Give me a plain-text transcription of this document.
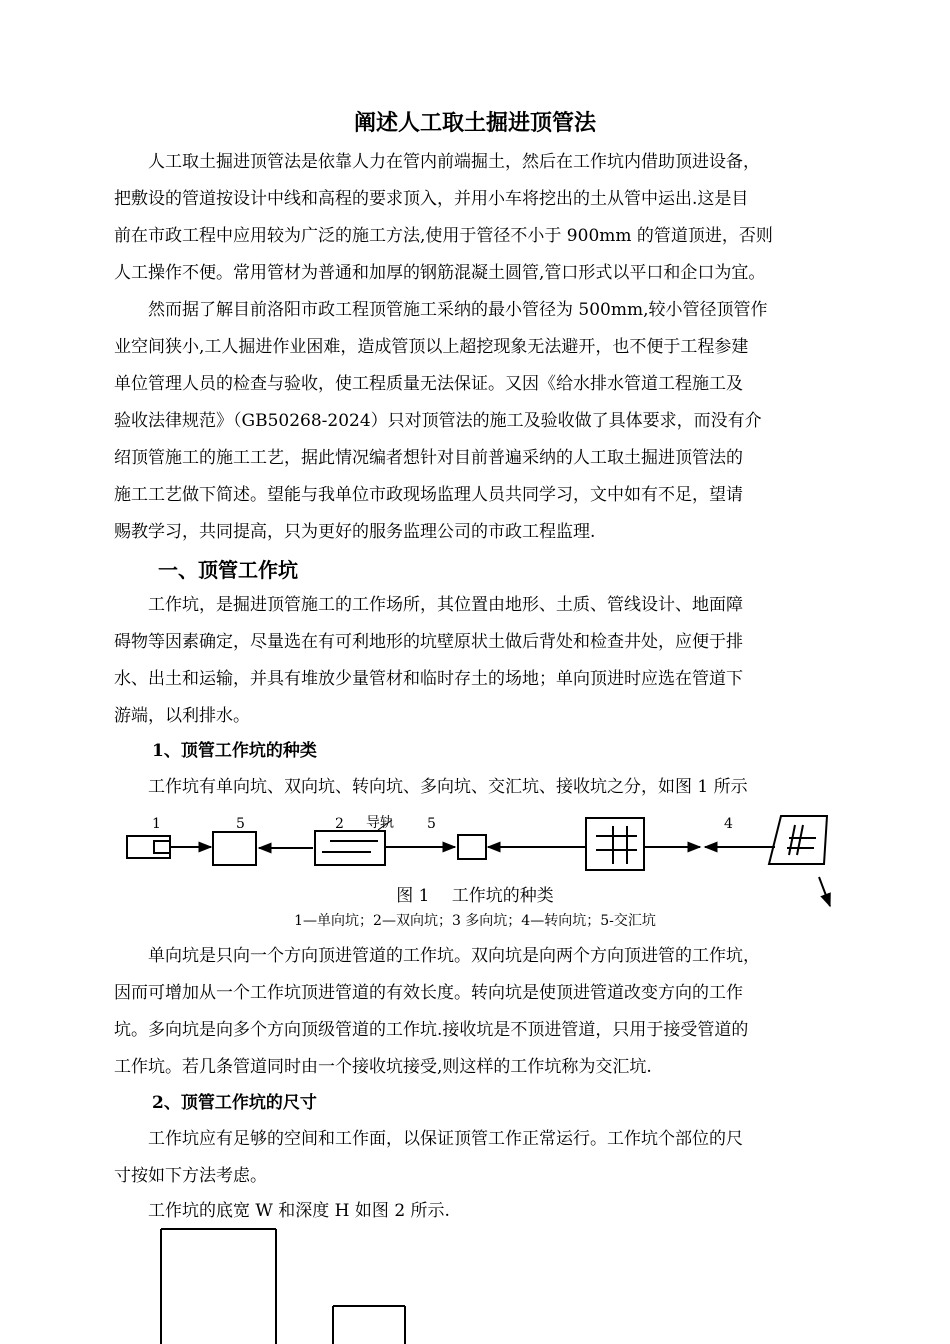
阐述人工取土掘进顶管法
　　人工取土掘进顶管法是依靠人力在管内前端掘土，然后在工作坑内借助顶进设备，
把敷设的管道按设计中线和高程的要求顶入，并用小车将挖出的土从管中运出.这是目
前在市政工程中应用较为广泛的施工方法,使用于管径不小于 900mm 的管道顶进，否则
人工操作不便。常用管材为普通和加厚的钢筋混凝土圆管,管口形式以平口和企口为宜。
　　然而据了解目前洛阳市政工程顶管施工采纳的最小管径为 500mm,较小管径顶管作
业空间狭小,工人掘进作业困难，造成管顶以上超挖现象无法避开，也不便于工程参建
单位管理人员的检查与验收，使工程质量无法保证。又因《给水排水管道工程施工及
验收法律规范》（GB50268-2024）只对顶管法的施工及验收做了具体要求，而没有介
绍顶管施工的施工工艺，据此情况编者想针对目前普遍采纳的人工取土掘进顶管法的
施工工艺做下简述。望能与我单位市政现场监理人员共同学习，文中如有不足，望请
赐教学习，共同提高，只为更好的服务监理公司的市政工程监理.
一、顶管工作坑
　　工作坑，是掘进顶管施工的工作场所，其位置由地形、土质、管线设计、地面障
碍物等因素确定，尽量选在有可利地形的坑壁原状土做后背处和检查井处，应便于排
水、出土和运输，并具有堆放少量管材和临时存土的场地；单向顶进时应选在管道下
游端，以利排水。
1、顶管工作坑的种类
　　工作坑有单向坑、双向坑、转向坑、多向坑、交汇坑、接收坑之分，如图 1 所示
1	5	2 导轨 5	4
图 1　 工作坑的种类
1—单向坑；2—双向坑；3 多向坑；4—转向坑；5-交汇坑
　　单向坑是只向一个方向顶进管道的工作坑。双向坑是向两个方向顶进管的工作坑，
因而可增加从一个工作坑顶进管道的有效长度。转向坑是使顶进管道改变方向的工作
坑。多向坑是向多个方向顶级管道的工作坑.接收坑是不顶进管道，只用于接受管道的
工作坑。若几条管道同时由一个接收坑接受,则这样的工作坑称为交汇坑.
2、顶管工作坑的尺寸
　　工作坑应有足够的空间和工作面，以保证顶管工作正常运行。工作坑个部位的尺
寸按如下方法考虑。
　　工作坑的底宽 W 和深度 H 如图 2 所示.
